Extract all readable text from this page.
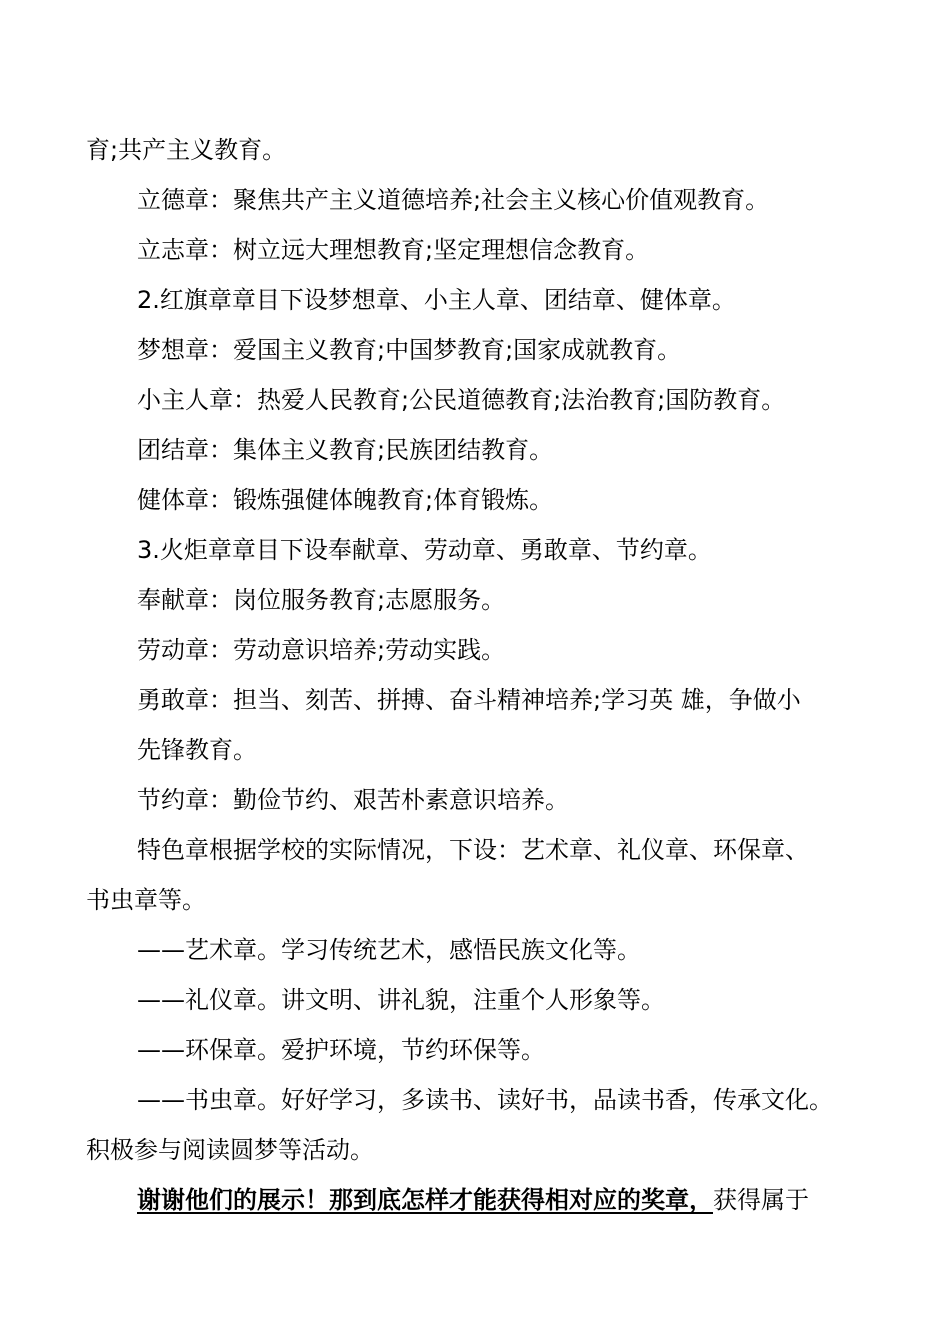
育;共产主义教育。
立德章：聚焦共产主义道德培养;社会主义核心价值观教育。
立志章：树立远大理想教育;坚定理想信念教育。
2.红旗章章目下设梦想章、小主人章、团结章、健体章。
梦想章：爱国主义教育;中国梦教育;国家成就教育。
小主人章：热爱人民教育;公民道德教育;法治教育;国防教育。
团结章：集体主义教育;民族团结教育。
健体章：锻炼强健体魄教育;体育锻炼。
3.火炬章章目下设奉献章、劳动章、勇敢章、节约章。
奉献章：岗位服务教育;志愿服务。
劳动章：劳动意识培养;劳动实践。
勇敢章：担当、刻苦、拼搏、奋斗精神培养;学习英 雄，争做小
先锋教育。
节约章：勤俭节约、艰苦朴素意识培养。
特色章根据学校的实际情况，下设：艺术章、礼仪章、环保章、
书虫章等。
——艺术章。学习传统艺术，感悟民族文化等。
——礼仪章。讲文明、讲礼貌，注重个人形象等。
——环保章。爱护环境，节约环保等。
——书虫章。好好学习，多读书、读好书，品读书香，传承文化。
积极参与阅读圆梦等活动。
谢谢他们的展示！那到底怎样才能获得相对应的奖章，获得属于
